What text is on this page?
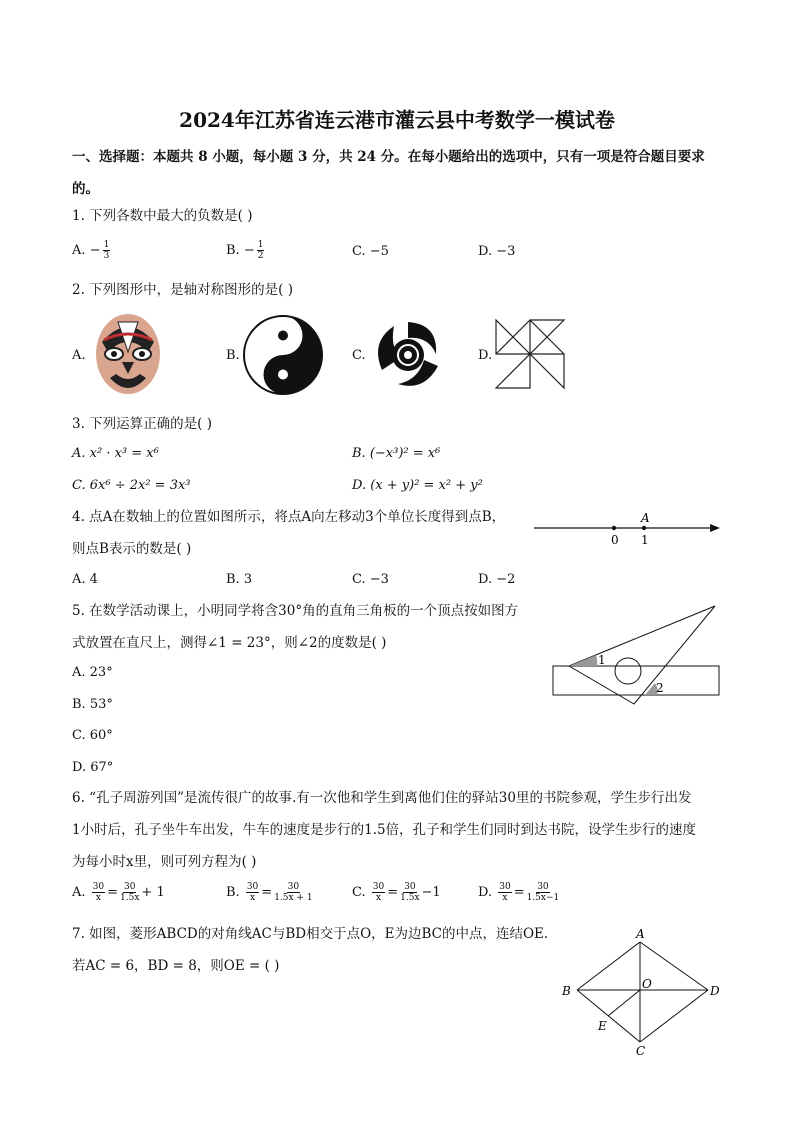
2024年江苏省连云港市灌云县中考数学一模试卷
一、选择题：本题共 8 小题，每小题 3 分，共 24 分。在每小题给出的选项中，只有一项是符合题目要求
的。
1. 下列各数中最大的负数是( )
A. − $\frac{1}{3}$	B. − $\frac{1}{2}$	C. −5	D. −3
2. 下列图形中，是轴对称图形的是( )
A.	B.	C.	D.
3. 下列运算正确的是( )
A. x² · x³ = x⁶	B. (−x³)² = x⁶
C. 6x⁶ ÷ 2x² = 3x³	D. (x + y)² = x² + y²
4. 点A在数轴上的位置如图所示，将点A向左移动3个单位长度得到点B，
则点B表示的数是( )
A. 4	B. 3	C. −3	D. −2
0 1
A
5. 在数学活动课上，小明同学将含30°角的直角三角板的一个顶点按如图方
式放置在直尺上，测得∠1 = 23°，则∠2的度数是( )
A. 23°
B. 53°
C. 60°
D. 67°
1
2
6. “孔子周游列国”是流传很广的故事.有一次他和学生到离他们住的驿站30里的书院参观，学生步行出发
1小时后，孔子坐牛车出发，牛车的速度是步行的1.5倍，孔子和学生们同时到达书院，设学生步行的速度
为每小时x里，则可列方程为( )
A. $\frac{30}{x} = \frac{30}{1.5x} + 1$	B. $\frac{30}{x} = \frac{30}{1.5x + 1}$	C. $\frac{30}{x} = \frac{30}{1.5x} -1$	D. $\frac{30}{x} = \frac{30}{1.5x-1}$
7. 如图，菱形ABCD的对角线AC与BD相交于点O，E为边BC的中点，连结OE.
若AC = 6，BD = 8，则OE = ( )
A
B
C
D
O
E
